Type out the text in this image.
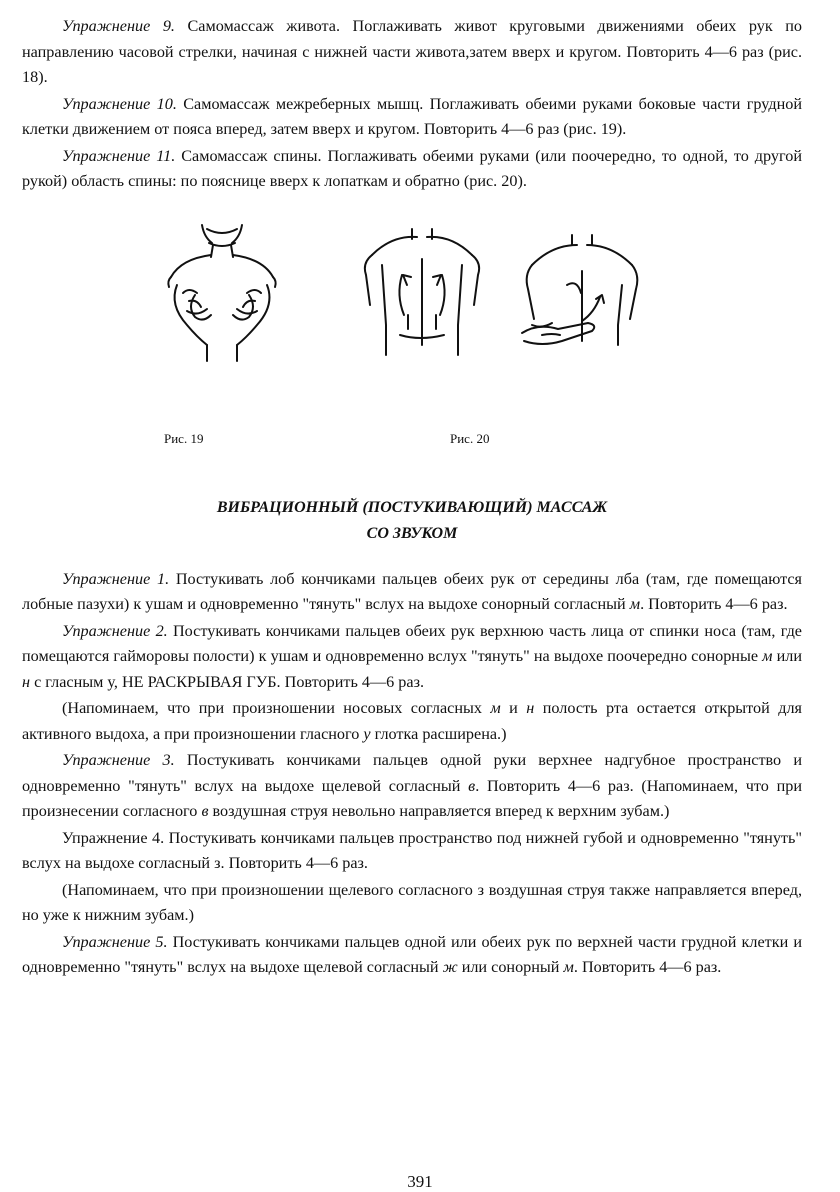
Упражнение 9. Самомассаж живота. Поглаживать живот круговыми движениями обеих рук по направлению часовой стрелки, начиная с нижней части живота,затем вверх и кругом. Повторить 4—6 раз (рис. 18).

Упражнение 10. Самомассаж межреберных мышц. Поглаживать обеими руками боковые части грудной клетки движением от пояса вперед, затем вверх и кругом. Повторить 4—6 раз (рис. 19).

Упражнение 11. Самомассаж спины. Поглаживать обеими руками (или поочередно, то одной, то другой рукой) область спины: по пояснице вверх к лопаткам и обратно (рис. 20).

Рис. 19	Рис. 20
ВИБРАЦИОННЫЙ (ПОСТУКИВАЮЩИЙ) МАССАЖ
СО ЗВУКОМ

Упражнение 1. Постукивать лоб кончиками пальцев обеих рук от середины лба (там, где помещаются лобные пазухи) к ушам и одновременно "тянуть" вслух на выдохе сонорный согласный м. Повторить 4—6 раз.

Упражнение 2. Постукивать кончиками пальцев обеих рук верхнюю часть лица от спинки носа (там, где помещаются гайморовы полости) к ушам и одновременно вслух "тянуть" на выдохе поочередно сонорные м или н с гласным у, НЕ РАСКРЫВАЯ ГУБ. Повторить 4—6 раз.

(Напоминаем, что при произношении носовых согласных м и н полость рта остается открытой для активного выдоха, а при произношении гласного у глотка расширена.)

Упражнение 3. Постукивать кончиками пальцев одной руки верхнее надгубное пространство и одновременно "тянуть" вслух на выдохе щелевой согласный в. Повторить 4—6 раз. (Напоминаем, что при произнесении согласного в воздушная струя невольно направляется вперед к верхним зубам.)

Упражнение 4. Постукивать кончиками пальцев пространство под нижней губой и одновременно "тянуть" вслух на выдохе согласный з. Повторить 4—6 раз.

(Напоминаем, что при произношении щелевого согласного з воздушная струя также направляется вперед, но уже к нижним зубам.)

Упражнение 5. Постукивать кончиками пальцев одной или обеих рук по верхней части грудной клетки и одновременно "тянуть" вслух на выдохе щелевой согласный ж или сонорный м. Повторить 4—6 раз.

391
